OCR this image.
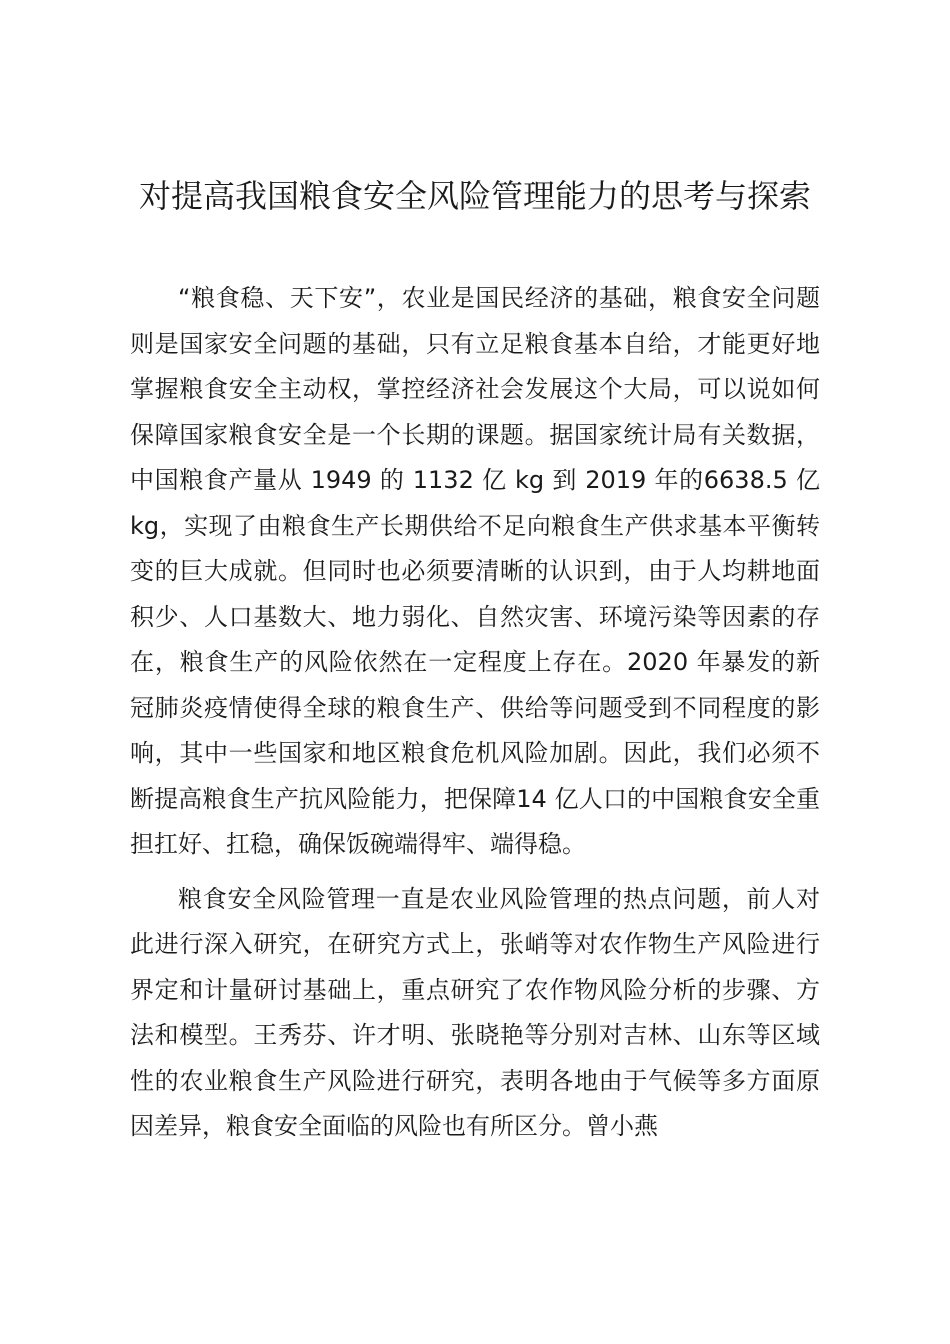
对提高我国粮食安全风险管理能力的思考与探索

“粮食稳、天下安”，农业是国民经济的基础，粮食安全问题则是国家安全问题的基础，只有立足粮食基本自给，才能更好地掌握粮食安全主动权，掌控经济社会发展这个大局，可以说如何保障国家粮食安全是一个长期的课题。据国家统计局有关数据，中国粮食产量从 1949 的 1132 亿 kg 到 2019 年的6638.5 亿 kg，实现了由粮食生产长期供给不足向粮食生产供求基本平衡转变的巨大成就。但同时也必须要清晰的认识到，由于人均耕地面积少、人口基数大、地力弱化、自然灾害、环境污染等因素的存在，粮食生产的风险依然在一定程度上存在。2020 年暴发的新冠肺炎疫情使得全球的粮食生产、供给等问题受到不同程度的影响，其中一些国家和地区粮食危机风险加剧。因此，我们必须不断提高粮食生产抗风险能力，把保障14 亿人口的中国粮食安全重担扛好、扛稳，确保饭碗端得牢、端得稳。

粮食安全风险管理一直是农业风险管理的热点问题，前人对此进行深入研究，在研究方式上，张峭等对农作物生产风险进行界定和计量研讨基础上，重点研究了农作物风险分析的步骤、方法和模型。王秀芬、许才明、张晓艳等分别对吉林、山东等区域性的农业粮食生产风险进行研究，表明各地由于气候等多方面原因差异，粮食安全面临的风险也有所区分。曾小燕
